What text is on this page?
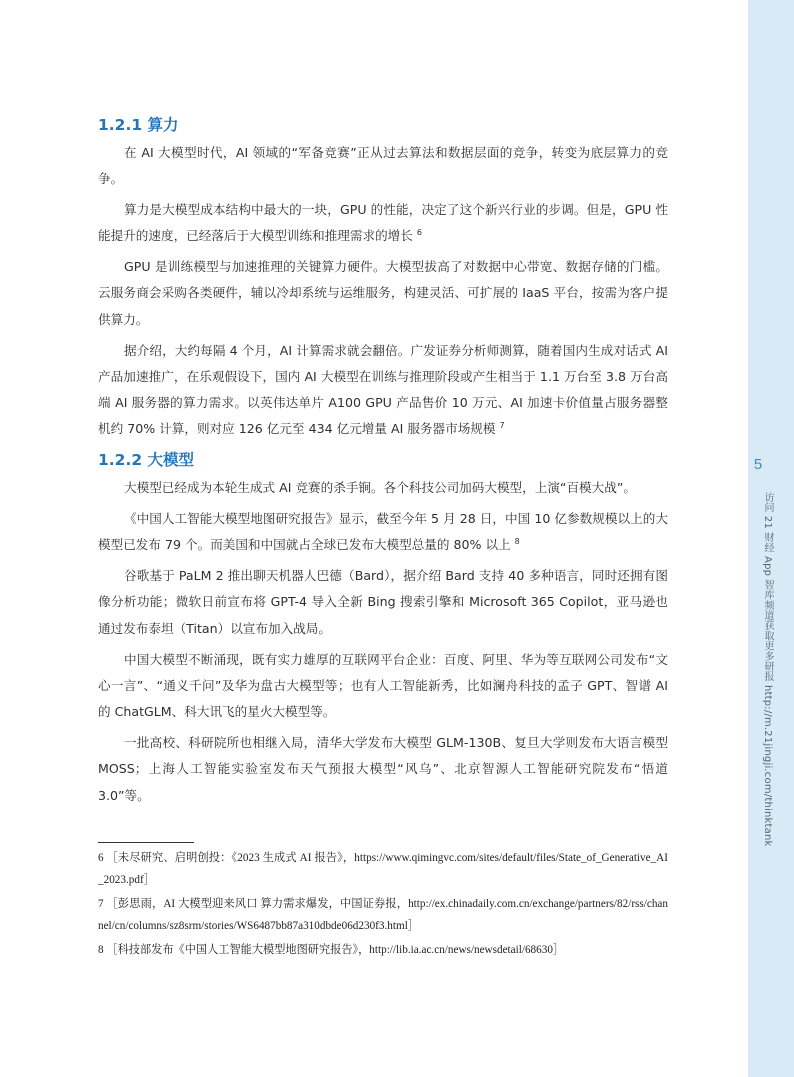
5
访问 21 财经 App 智库频道获取更多研报 http://m.21jingji.com/thinktank
1.2.1 算力

在 AI 大模型时代，AI 领域的“军备竞赛”正从过去算法和数据层面的竞争，转变为底层算力的竞争。

算力是大模型成本结构中最大的一块，GPU 的性能，决定了这个新兴行业的步调。但是，GPU 性能提升的速度，已经落后于大模型训练和推理需求的增长 $^6$

GPU 是训练模型与加速推理的关键算力硬件。大模型拔高了对数据中心带宽、数据存储的门槛。云服务商会采购各类硬件，辅以冷却系统与运维服务，构建灵活、可扩展的 IaaS 平台，按需为客户提供算力。

据介绍，大约每隔 4 个月，AI 计算需求就会翻倍。广发证券分析师测算，随着国内生成对话式 AI 产品加速推广，在乐观假设下，国内 AI 大模型在训练与推理阶段或产生相当于 1.1 万台至 3.8 万台高端 AI 服务器的算力需求。以英伟达单片 A100 GPU 产品售价 10 万元、AI 加速卡价值量占服务器整机约 70% 计算，则对应 126 亿元至 434 亿元增量 AI 服务器市场规模 $^7$

1.2.2 大模型

大模型已经成为本轮生成式 AI 竞赛的杀手锏。各个科技公司加码大模型，上演“百模大战”。

《中国人工智能大模型地图研究报告》显示，截至今年 5 月 28 日，中国 10 亿参数规模以上的大模型已发布 79 个。而美国和中国就占全球已发布大模型总量的 80% 以上 $^8$

谷歌基于 PaLM 2 推出聊天机器人巴德（Bard），据介绍 Bard 支持 40 多种语言，同时还拥有图像分析功能；微软日前宣布将 GPT-4 导入全新 Bing 搜索引擎和 Microsoft 365 Copilot，亚马逊也通过发布泰坦（Titan）以宣布加入战局。

中国大模型不断涌现，既有实力雄厚的互联网平台企业：百度、阿里、华为等互联网公司发布“文心一言”、“通义千问”及华为盘古大模型等；也有人工智能新秀，比如澜舟科技的孟子 GPT、智谱 AI 的 ChatGLM、科大讯飞的星火大模型等。

一批高校、科研院所也相继入局，清华大学发布大模型 GLM-130B、复旦大学则发布大语言模型 MOSS；上海人工智能实验室发布天气预报大模型“风乌”、北京智源人工智能研究院发布“悟道 3.0”等。

6 ［未尽研究、启明创投：《2023 生成式 AI 报告》，https://www.qimingvc.com/sites/default/files/State_of_Generative_AI_2023.pdf］
7 ［彭思雨，AI 大模型迎来风口 算力需求爆发，中国证券报，http://ex.chinadaily.com.cn/exchange/partners/82/rss/channel/cn/columns/sz8srm/stories/WS6487bb87a310dbde06d230f3.html］
8 ［科技部发布《中国人工智能大模型地图研究报告》，http://lib.ia.ac.cn/news/newsdetail/68630］
